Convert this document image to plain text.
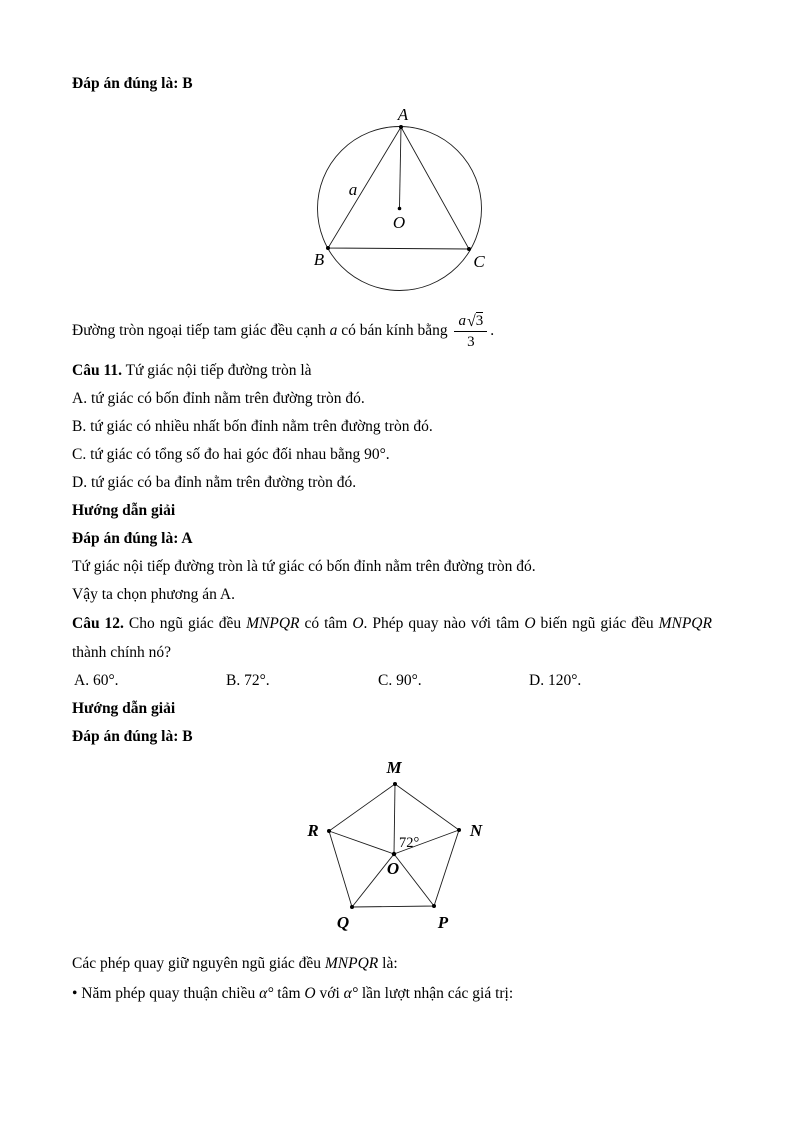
Đáp án đúng là: B

A
B	C
O
a

Đường tròn ngoại tiếp tam giác đều cạnh a có bán kính bằng $\frac{a √ 3}{3}$ .

Câu 11. Tứ giác nội tiếp đường tròn là

A. tứ giác có bốn đỉnh nằm trên đường tròn đó.

B. tứ giác có nhiều nhất bốn đỉnh nằm trên đường tròn đó.

C. tứ giác có tổng số đo hai góc đối nhau bằng 90°.

D. tứ giác có ba đỉnh nằm trên đường tròn đó.

Hướng dẫn giải

Đáp án đúng là: A

Tứ giác nội tiếp đường tròn là tứ giác có bốn đỉnh nằm trên đường tròn đó.

Vậy ta chọn phương án A.

Câu 12. Cho ngũ giác đều MNPQR có tâm O. Phép quay nào với tâm O biến ngũ giác đều MNPQR thành chính nó?

A. 60°.	B. 72°.	C. 90°.	D. 120°.

Hướng dẫn giải

Đáp án đúng là: B

M
N
R
O
Q	P
72°

Các phép quay giữ nguyên ngũ giác đều MNPQR là:

• Năm phép quay thuận chiều α° tâm O với α° lần lượt nhận các giá trị:
